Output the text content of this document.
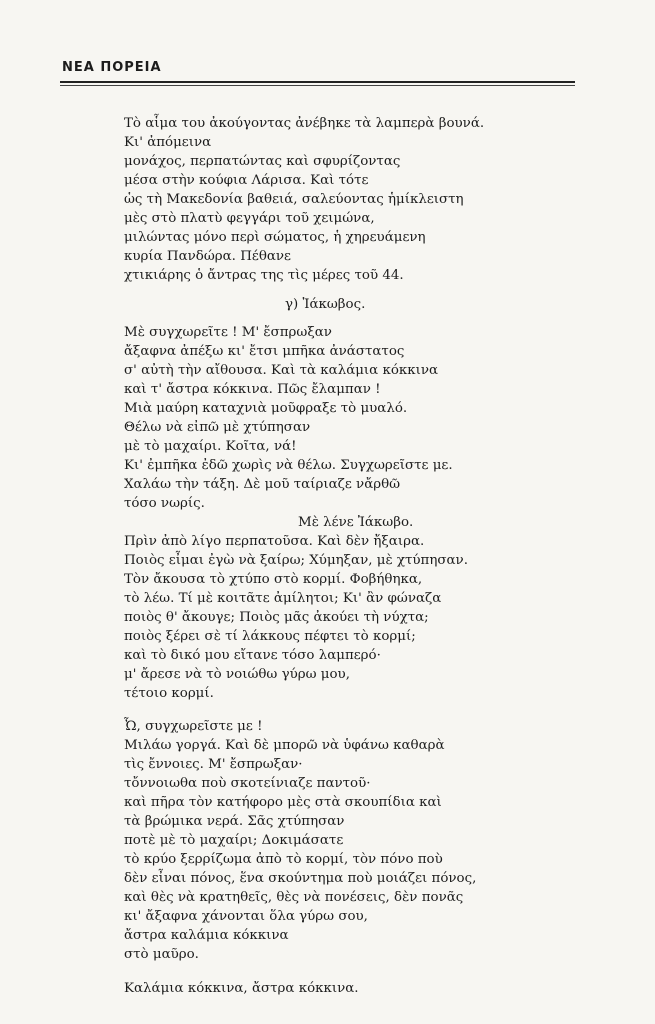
ΝΕΑ ΠΟΡΕΙΑ
Τὸ αἷμα του ἀκούγοντας ἀνέβηκε τὰ λαμπερὰ βουνά.
Κι' ἀπόμεινα
μονάχος, περπατώντας καὶ σφυρίζοντας
μέσα στὴν κούφια Λάρισα. Καὶ τότε
ὡς τὴ Μακεδονία βαθειά, σαλεύοντας ἡμίκλειστη
μὲς στὸ πλατὺ φεγγάρι τοῦ χειμώνα,
μιλώντας μόνο περὶ σώματος, ἡ χηρευάμενη
κυρία Πανδώρα. Πέθανε
χτικιάρης ὁ ἄντρας της τὶς μέρες τοῦ 44.
γ) Ἰάκωβος.
Μὲ συγχωρεῖτε ! Μ' ἔσπρωξαν
ἄξαφνα ἀπέξω κι' ἔτσι μπῆκα ἀνάστατος
σ' αὐτὴ τὴν αἴθουσα. Καὶ τὰ καλάμια κόκκινα
καὶ τ' ἄστρα κόκκινα. Πῶς ἔλαμπαν !
Μιὰ μαύρη καταχνιὰ μοῦφραξε τὸ μυαλό.
Θέλω νὰ εἰπῶ μὲ χτύπησαν
μὲ τὸ μαχαίρι. Κοῖτα, νά!
Κι' ἐμπῆκα ἐδῶ χωρὶς νὰ θέλω. Συγχωρεῖστε με.
Χαλάω τὴν τάξη. Δὲ μοῦ ταίριαζε νἄρθῶ
τόσο νωρίς.
Μὲ λένε Ἰάκωβο.
Πρὶν ἀπὸ λίγο περπατοῦσα. Καὶ δὲν ἤξαιρα.
Ποιὸς εἶμαι ἐγὼ νὰ ξαίρω; Χύμηξαν, μὲ χτύπησαν.
Τὸν ἄκουσα τὸ χτύπο στὸ κορμί. Φοβήθηκα,
τὸ λέω. Τί μὲ κοιτᾶτε ἀμίλητοι; Κι' ἂν φώναζα
ποιὸς θ' ἄκουγε; Ποιὸς μᾶς ἀκούει τὴ νύχτα;
ποιὸς ξέρει σὲ τί λάκκους πέφτει τὸ κορμί;
καὶ τὸ δικό μου εἴτανε τόσο λαμπερό·
μ' ἄρεσε νὰ τὸ νοιώθω γύρω μου,
τέτοιο κορμί.
Ὦ, συγχωρεῖστε με !
Μιλάω γοργά. Καὶ δὲ μπορῶ νὰ ὑφάνω καθαρὰ
τὶς ἔννοιες. Μ' ἔσπρωξαν·
τὄννοιωθα ποὺ σκοτείνιαζε παντοῦ·
καὶ πῆρα τὸν κατήφορο μὲς στὰ σκουπίδια καὶ
τὰ βρώμικα νερά. Σᾶς χτύπησαν
ποτὲ μὲ τὸ μαχαίρι; Δοκιμάσατε
τὸ κρύο ξερρίζωμα ἀπὸ τὸ κορμί, τὸν πόνο ποὺ
δὲν εἶναι πόνος, ἕνα σκούντημα ποὺ μοιάζει πόνος,
καὶ θὲς νὰ κρατηθεῖς, θὲς νὰ πονέσεις, δὲν πονᾶς
κι' ἄξαφνα χάνονται ὅλα γύρω σου,
ἄστρα καλάμια κόκκινα
στὸ μαῦρο.
Καλάμια κόκκινα, ἄστρα κόκκινα.
